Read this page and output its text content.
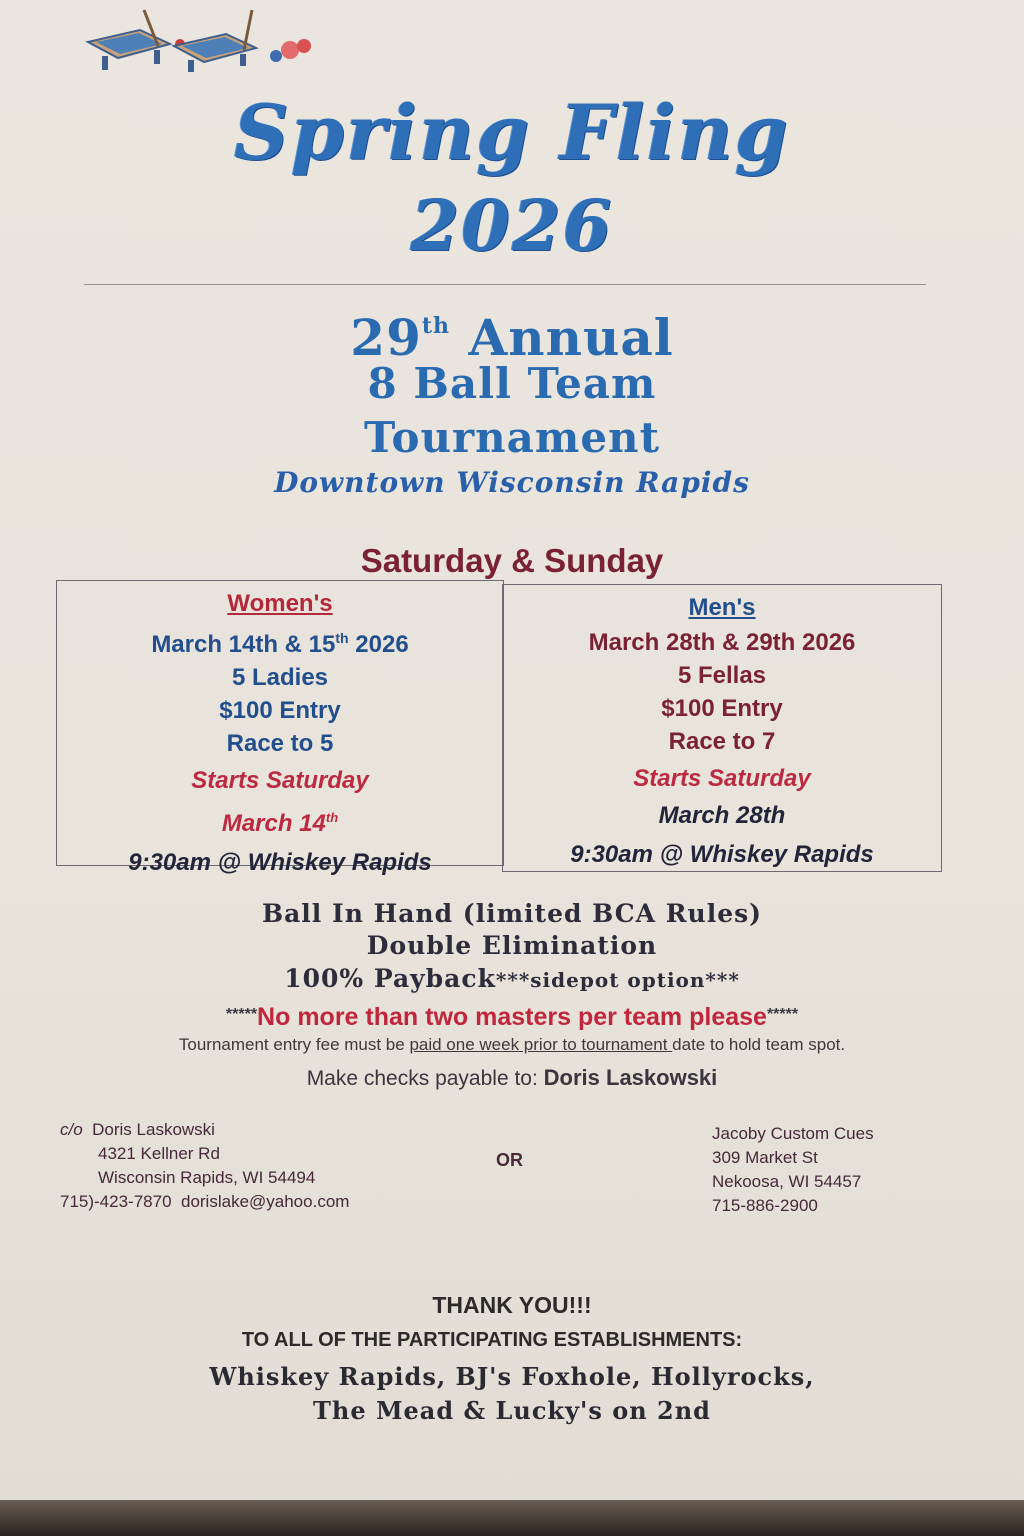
Spring Fling
2026
29th Annual
8 Ball Team
Tournament
Downtown Wisconsin Rapids
Saturday & Sunday
Women's
March 14th & 15th 2026
5 Ladies
$100 Entry
Race to 5
Starts Saturday
March 14th
9:30am @ Whiskey Rapids
Men's
March 28th & 29th 2026
5 Fellas
$100 Entry
Race to 7
Starts Saturday
March 28th
9:30am @ Whiskey Rapids
Ball In Hand (limited BCA Rules)
Double Elimination
100% Payback***sidepot option***
*****No more than two masters per team please*****
Tournament entry fee must be paid one week prior to tournament date to hold team spot.
Make checks payable to: Doris Laskowski
c/o Doris Laskowski
4321 Kellner Rd
Wisconsin Rapids, WI 54494
715)-423-7870 dorislake@yahoo.com
OR
Jacoby Custom Cues
309 Market St
Nekoosa, WI 54457
715-886-2900
THANK YOU!!!
TO ALL OF THE PARTICIPATING ESTABLISHMENTS:
Whiskey Rapids, BJ's Foxhole, Hollyrocks,
The Mead & Lucky's on 2nd
